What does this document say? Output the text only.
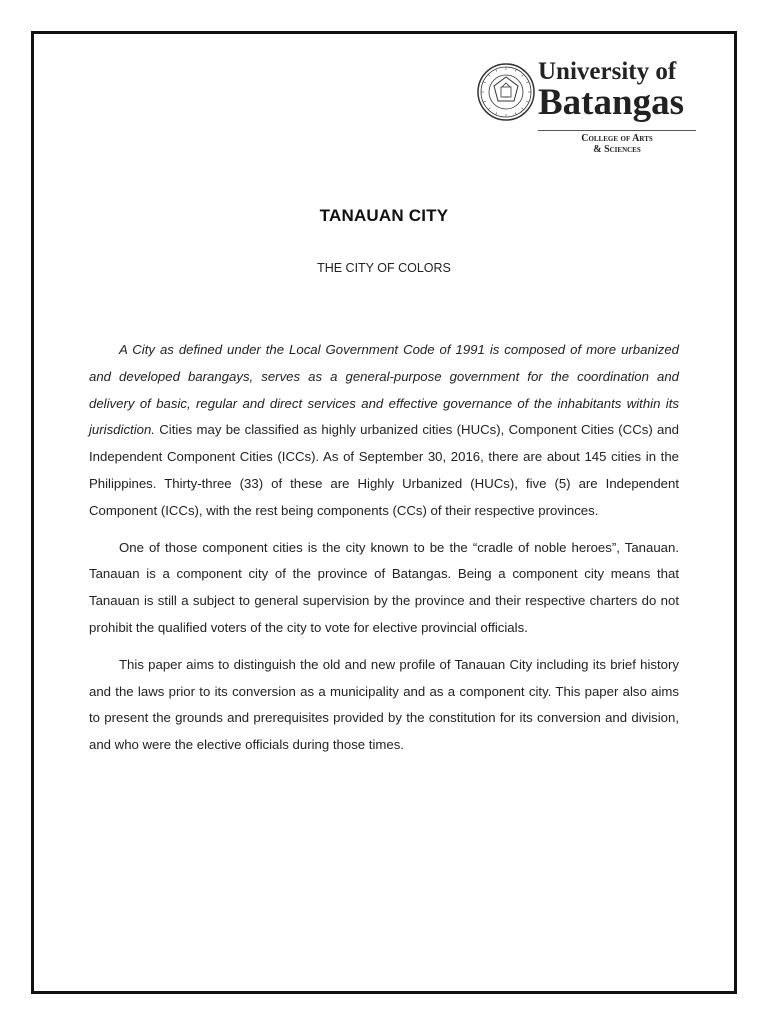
University of
Batangas
College of Arts
& Sciences
TANAUAN CITY
THE CITY OF COLORS

A City as defined under the Local Government Code of 1991 is composed of more urbanized and developed barangays, serves as a general-purpose government for the coordination and delivery of basic, regular and direct services and effective governance of the inhabitants within its jurisdiction. Cities may be classified as highly urbanized cities (HUCs), Component Cities (CCs) and Independent Component Cities (ICCs). As of September 30, 2016, there are about 145 cities in the Philippines. Thirty-three (33) of these are Highly Urbanized (HUCs), five (5) are Independent Component (ICCs), with the rest being components (CCs) of their respective provinces.

One of those component cities is the city known to be the “cradle of noble heroes”, Tanauan. Tanauan is a component city of the province of Batangas. Being a component city means that Tanauan is still a subject to general supervision by the province and their respective charters do not prohibit the qualified voters of the city to vote for elective provincial officials.

This paper aims to distinguish the old and new profile of Tanauan City including its brief history and the laws prior to its conversion as a municipality and as a component city. This paper also aims to present the grounds and prerequisites provided by the constitution for its conversion and division, and who were the elective officials during those times.
